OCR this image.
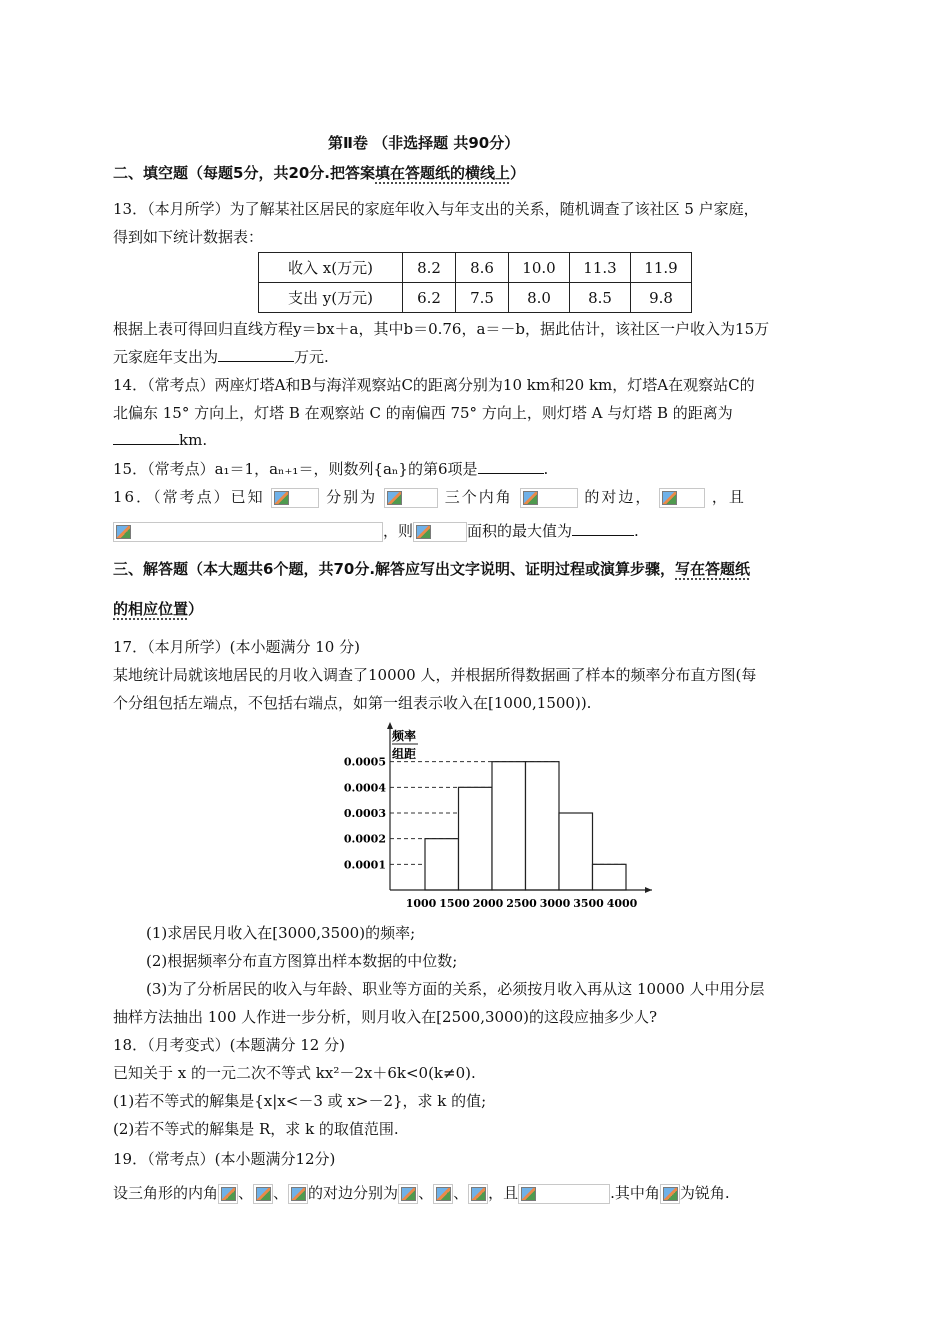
第Ⅱ卷 （非选择题 共90分）
二、填空题（每题5分，共20分.把答案填在答题纸的横线上）
13．（本月所学）为了解某社区居民的家庭年收入与年支出的关系，随机调查了该社区 5 户家庭，
得到如下统计数据表：
收入 x(万元)	8.2	8.6	10.0	11.3	11.9
支出 y(万元)	6.2	7.5	8.0	8.5	9.8
根据上表可得回归直线方程y＝bx＋a，其中b＝0.76，a＝－b，据此估计，该社区一户收入为15万
元家庭年支出为	万元.
14．（常考点）两座灯塔A和B与海洋观察站C的距离分别为10 km和20 km，灯塔A在观察站C的
北偏东 15° 方向上，灯塔 B 在观察站 C 的南偏西 75° 方向上，则灯塔 A 与灯塔 B 的距离为
km.
15．（常考点）a₁＝1，aₙ₊₁＝，则数列{aₙ}的第6项是	.
16．（常考点）已知	分别为	三个内角	的对边，	，且
，则	面积的最大值为	.
三、解答题（本大题共6个题，共70分.解答应写出文字说明、证明过程或演算步骤，写在答题纸
的相应位置）
17．（本月所学）(本小题满分 10 分)
某地统计局就该地居民的月收入调查了10000 人，并根据所得数据画了样本的频率分布直方图(每
个分组包括左端点，不包括右端点，如第一组表示收入在[1000,1500)).
0.0001
0.0002
0.0003
0.0004
0.0005
1000 1500 2000 2500 3000 3500 4000
频率
组距
(1)求居民月收入在[3000,3500)的频率;
(2)根据频率分布直方图算出样本数据的中位数;
(3)为了分析居民的收入与年龄、职业等方面的关系，必须按月收入再从这 10000 人中用分层
抽样方法抽出 100 人作进一步分析，则月收入在[2500,3000)的这段应抽多少人?
18．（月考变式）(本题满分 12 分)
已知关于 x 的一元二次不等式 kx²－2x＋6k<0(k≠0).
(1)若不等式的解集是{x|x<－3 或 x>－2}，求 k 的值;
(2)若不等式的解集是 R，求 k 的取值范围.
19．（常考点）(本小题满分12分)
设三角形的内角 、 、 的对边分别为 、 、 ，且	.其中角 为锐角.
